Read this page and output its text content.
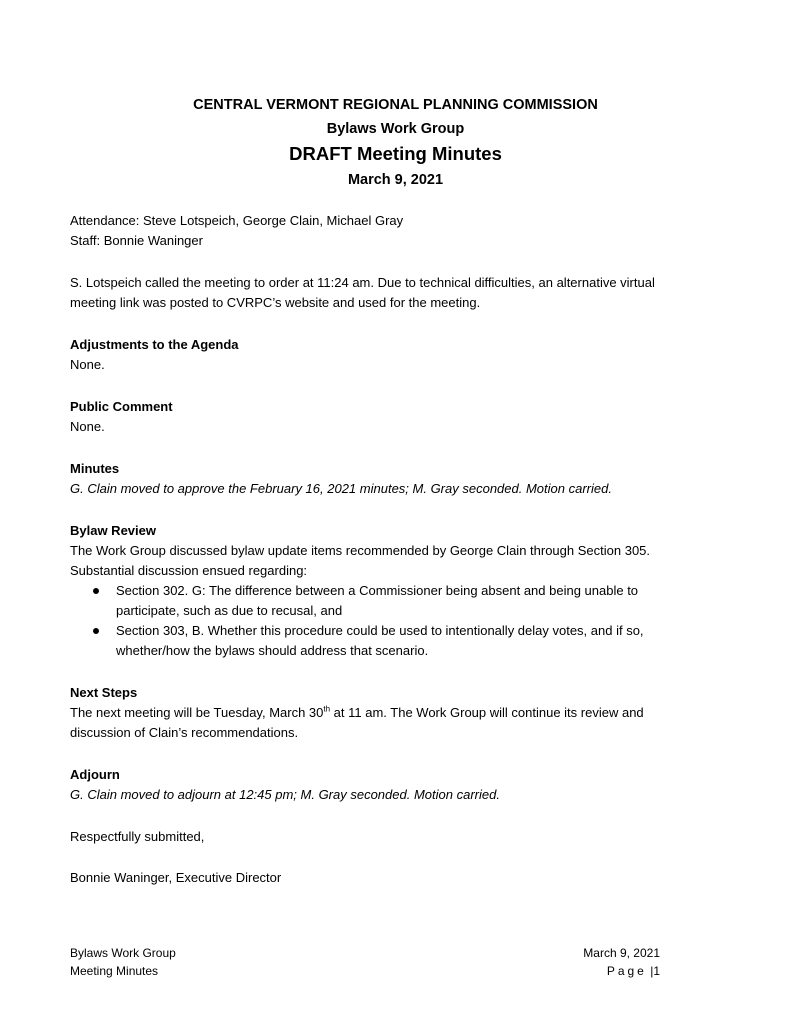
CENTRAL VERMONT REGIONAL PLANNING COMMISSION
Bylaws Work Group
DRAFT Meeting Minutes
March 9, 2021
Attendance: Steve Lotspeich, George Clain, Michael Gray
Staff: Bonnie Waninger
S. Lotspeich called the meeting to order at 11:24 am. Due to technical difficulties, an alternative virtual
meeting link was posted to CVRPC’s website and used for the meeting.
Adjustments to the Agenda
None.
Public Comment
None.
Minutes
G. Clain moved to approve the February 16, 2021 minutes; M. Gray seconded. Motion carried.
Bylaw Review
The Work Group discussed bylaw update items recommended by George Clain through Section 305.
Substantial discussion ensued regarding:
Section 302. G: The difference between a Commissioner being absent and being unable to
participate, such as due to recusal, and
Section 303, B. Whether this procedure could be used to intentionally delay votes, and if so,
whether/how the bylaws should address that scenario.
Next Steps
The next meeting will be Tuesday, March 30th at 11 am. The Work Group will continue its review and
discussion of Clain’s recommendations.
Adjourn
G. Clain moved to adjourn at 12:45 pm; M. Gray seconded. Motion carried.
Respectfully submitted,
Bonnie Waninger, Executive Director
Bylaws Work Group
Meeting Minutes
March 9, 2021
Page |1
